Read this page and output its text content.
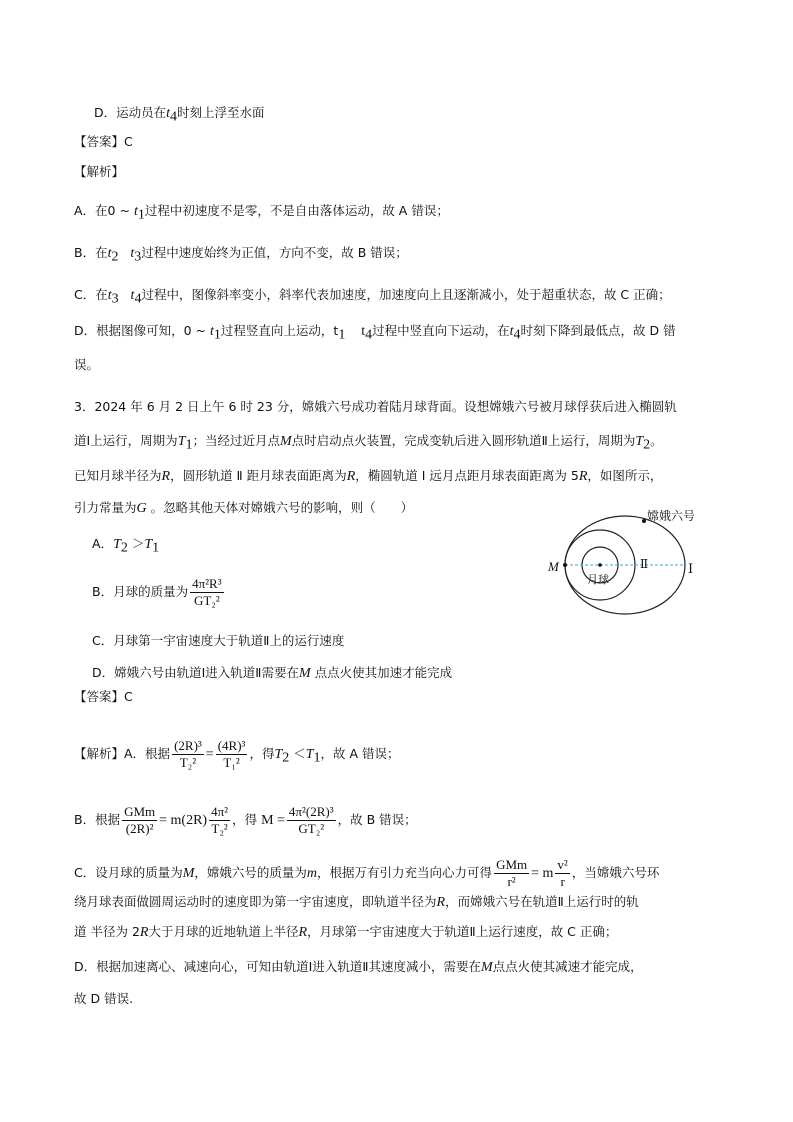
D．运动员在$t_4$时刻上浮至水面
【答案】C
【解析】
A．在0 ~ $t_1$过程中初速度不是零，不是自由落体运动，故 A 错误；
B．在$t_2$ $t_3$过程中速度始终为正值，方向不变，故 B 错误；
C．在$t_3$ $t_4$过程中，图像斜率变小，斜率代表加速度，加速度向上且逐渐减小，处于超重状态，故 C 正确；
D．根据图像可知，0 ~ $t_1$过程竖直向上运动，$t_1$ $t_4$过程中竖直向下运动，在$t_4$时刻下降到最低点，故 D 错
误。
3．2024 年 6 月 2 日上午 6 时 23 分，嫦娥六号成功着陆月球背面。设想嫦娥六号被月球俘获后进入椭圆轨
道Ⅰ上运行，周期为$T_1$；当经过近月点M点时启动点火装置，完成变轨后进入圆形轨道Ⅱ上运行，周期为$T_2$。
已知月球半径为R，圆形轨道 Ⅱ 距月球表面距离为R，椭圆轨道 Ⅰ 远月点距月球表面距离为 5R，如图所示，
引力常量为G 。忽略其他天体对嫦娥六号的影响，则（　　）
A．$T_2 >T_1$
B．月球的质量为 $\frac{\text{4π²R³}}{\text{GT₂²}}$
C．月球第一宇宙速度大于轨道Ⅱ上的运行速度
D．嫦娥六号由轨道Ⅰ进入轨道Ⅱ需要在M 点点火使其加速才能完成
【答案】C
嫦娥六号
月球
Ⅱ	Ⅰ
M
【解析】A．根据 $\frac{\text{(2R)³}}{\text{T₂²}} = \frac{\text{(4R)³}}{\text{T₁²}}$ ，得$T_2 <T_1$，故 A 错误；
B．根据 $\frac{\text{GMm}}{\text{(2R)²}} = m(2R) \frac{\text{4π²}}{\text{T₂²}}$ ，得 $M = \frac{\text{4π²(2R)³}}{\text{GT₂²}}$ ，故 B 错误；
C．设月球的质量为M，嫦娥六号的质量为m，根据万有引力充当向心力可得 $\frac{\text{GMm}}{\text{r²}} = m \frac{\text{v²}}{r}$ ，当嫦娥六号环
绕月球表面做圆周运动时的速度即为第一宇宙速度，即轨道半径为R，而嫦娥六号在轨道Ⅱ上运行时的轨
道 半径为 2R大于月球的近地轨道上半径R，月球第一宇宙速度大于轨道Ⅱ上运行速度，故 C 正确；
D．根据加速离心、减速向心，可知由轨道Ⅰ进入轨道Ⅱ其速度减小，需要在M点点火使其减速才能完成，
故 D 错误.
